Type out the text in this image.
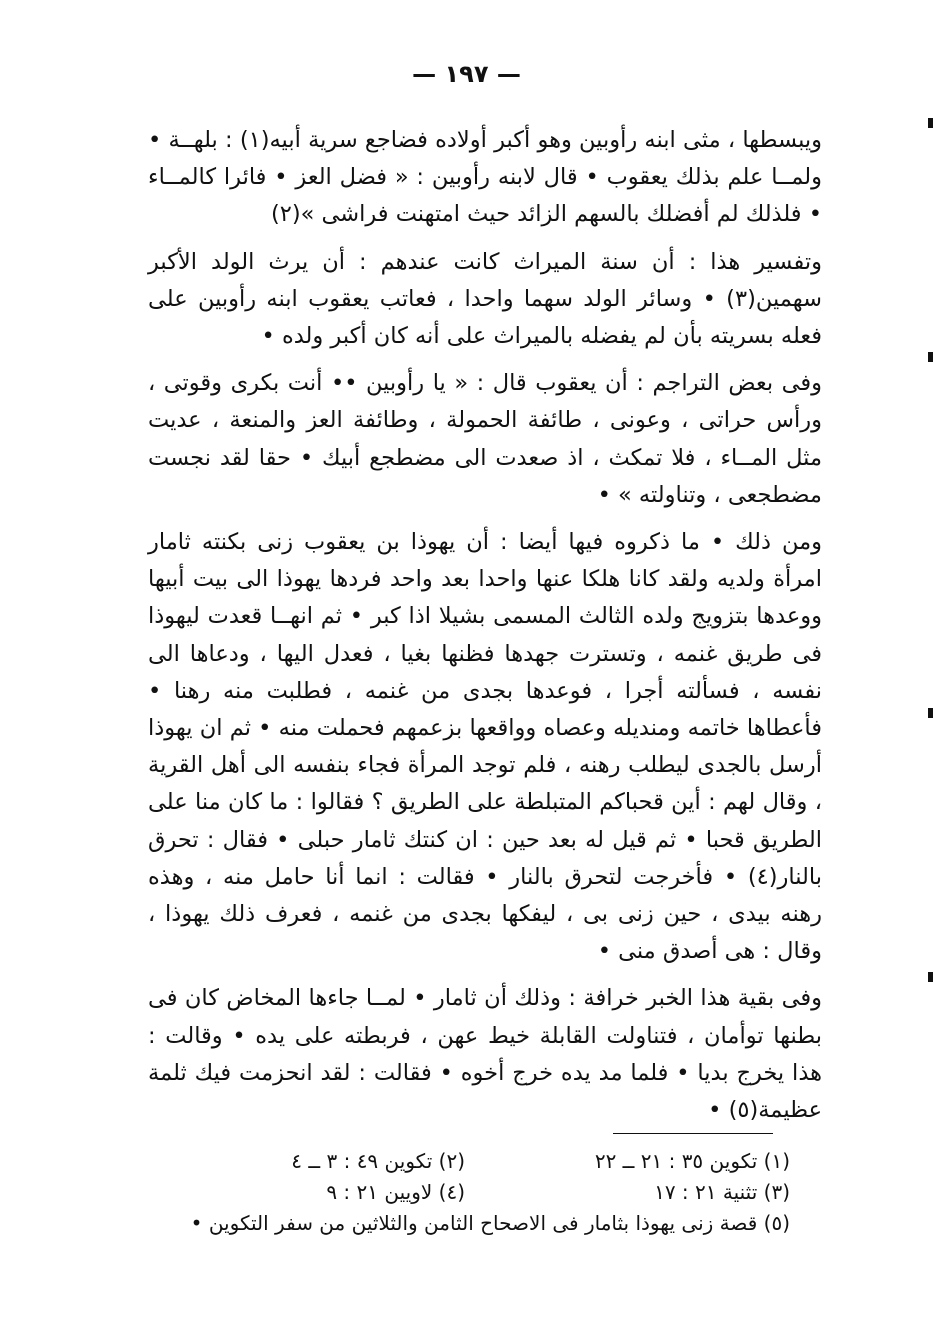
— ١٩٧ —

ويبسطها ، مثى ابنه رأوبين وهو أكبر أولاده فضاجع سرية أبيه(١) : بلهــة • ولمــا علم بذلك يعقوب • قال لابنه رأوبين : « فضل العز • فائرا كالمــاء • فلذلك لم أفضلك بالسهم الزائد حيث امتهنت فراشى »(٢)

وتفسير هذا : أن سنة الميراث كانت عندهم : أن يرث الولد الأكبر سهمين(٣) • وسائر الولد سهما واحدا ، فعاتب يعقوب ابنه رأوبين على فعله بسريته بأن لم يفضله بالميراث على أنه كان أكبر ولده •

وفى بعض التراجم : أن يعقوب قال : « يا رأوبين •• أنت بكرى وقوتى ، ورأس حراتى ، وعونى ، طائفة الحمولة ، وطائفة العز والمنعة ، عديت مثل المــاء ، فلا تمكث ، اذ صعدت الى مضطجع أبيك • حقا لقد نجست مضطجعى ، وتناولته » •

ومن ذلك • ما ذكروه فيها أيضا : أن يهوذا بن يعقوب زنى بكنته ثامار امرأة ولديه ولقد كانا هلكا عنها واحدا بعد واحد فردها يهوذا الى بيت أبيها ووعدها بتزويج ولده الثالث المسمى بشيلا اذا كبر • ثم انهــا قعدت ليهوذا فى طريق غنمه ، وتسترت جهدها فظنها بغيا ، فعدل اليها ، ودعاها الى نفسه ، فسألته أجرا ، فوعدها بجدى من غنمه ، فطلبت منه رهنا • فأعطاها خاتمه ومنديله وعصاه وواقعها بزعمهم فحملت منه • ثم ان يهوذا أرسل بالجدى ليطلب رهنه ، فلم توجد المرأة فجاء بنفسه الى أهل القرية ، وقال لهم : أين قحباكم المتبلطة على الطريق ؟ فقالوا : ما كان منا على الطريق قحبا • ثم قيل له بعد حين : ان كنتك ثامار حبلى • فقال : تحرق بالنار(٤) • فأخرجت لتحرق بالنار • فقالت : انما أنا حامل منه ، وهذه رهنه بيدى ، حين زنى بى ، ليفكها بجدى من غنمه ، فعرف ذلك يهوذا ، وقال : هى أصدق منى •

وفى بقية هذا الخبر خرافة : وذلك أن ثامار • لمــا جاءها المخاض كان فى بطنها توأمان ، فتناولت القابلة خيط عهن ، فربطته على يده • وقالت : هذا يخرج بديا • فلما مد يده خرج أخوه • فقالت : لقد انحزمت فيك ثلمة عظيمة(٥) •

(١) تكوين ٣٥ : ٢١ ــ ٢٢
(٢) تكوين ٤٩ : ٣ ــ ٤
(٣) تثنية ٢١ : ١٧
(٤) لاويين ٢١ : ٩
(٥) قصة زنى يهوذا بثامار فى الاصحاح الثامن والثلاثين من سفر التكوين •
